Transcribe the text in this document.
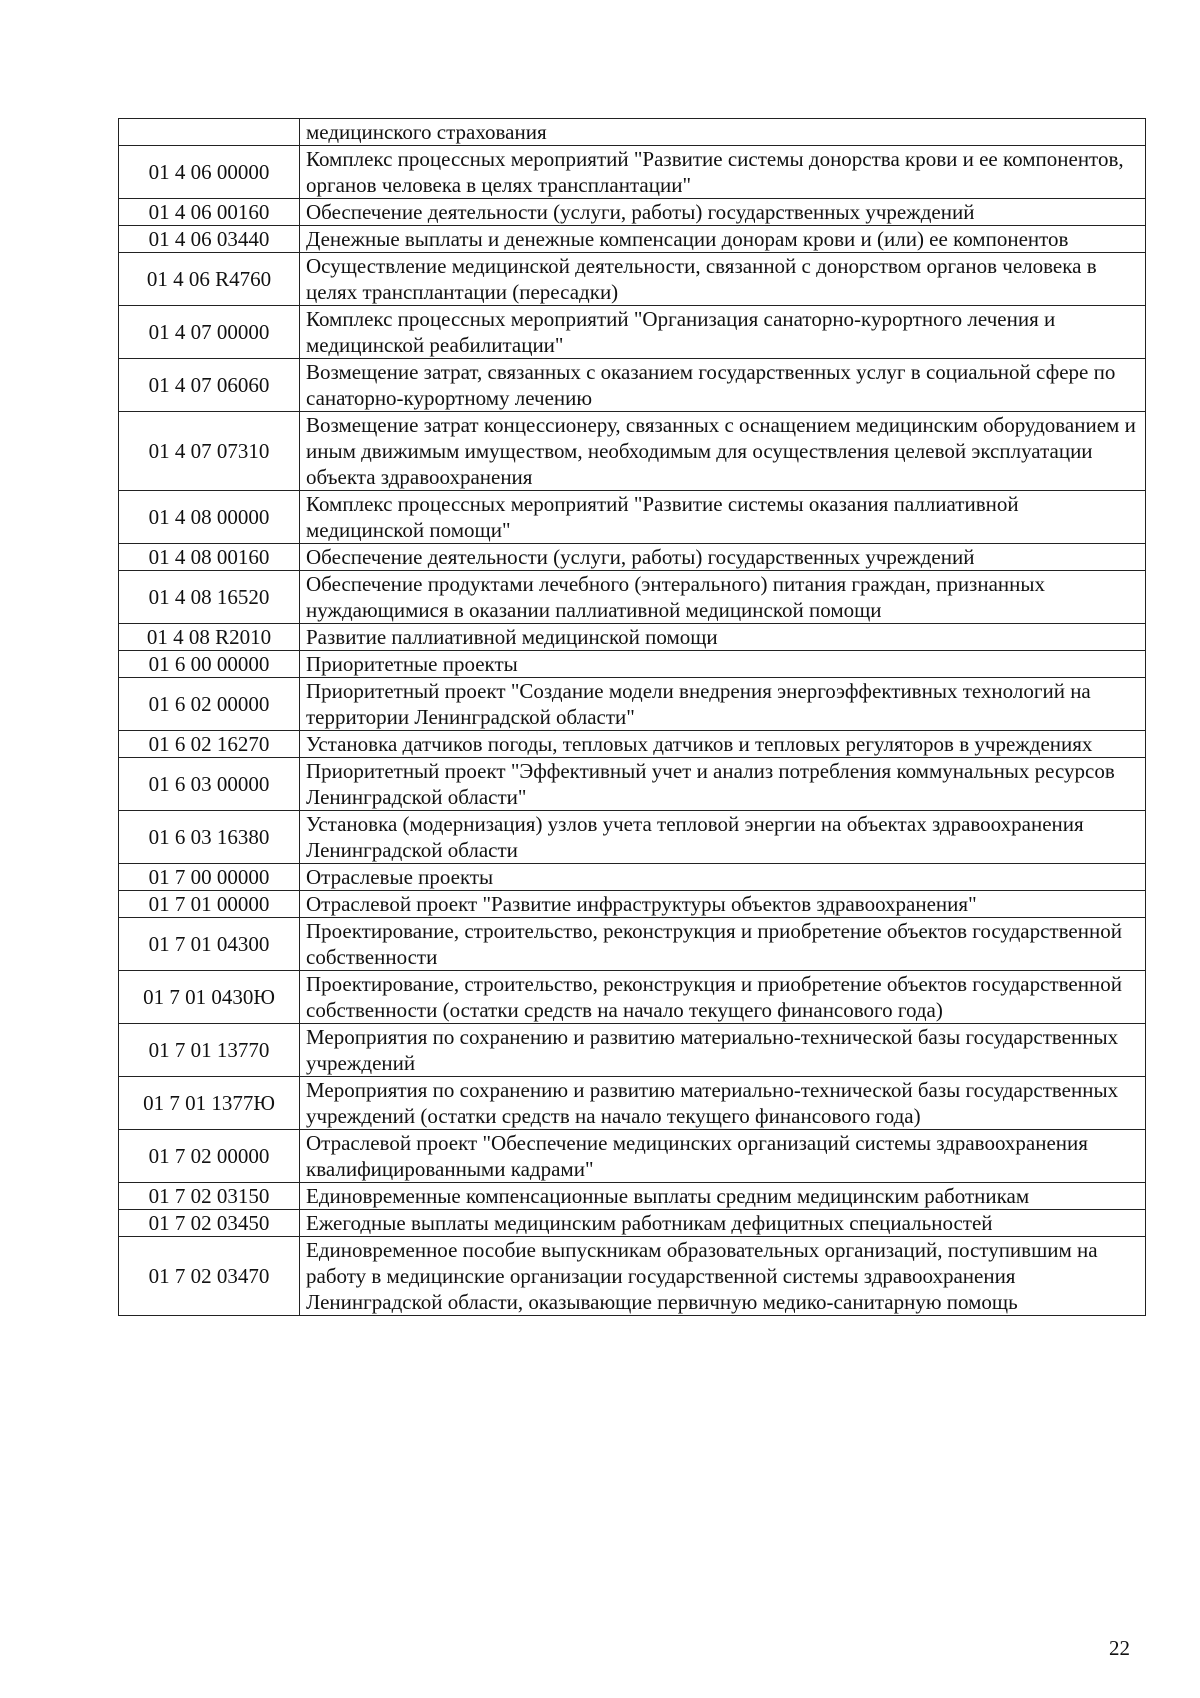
	медицинского страхования
01 4 06 00000	Комплекс процессных мероприятий "Развитие системы донорства крови и ее компонентов, органов человека в целях трансплантации"
01 4 06 00160	Обеспечение деятельности (услуги, работы) государственных учреждений
01 4 06 03440	Денежные выплаты и денежные компенсации донорам крови и (или) ее компонентов
01 4 06 R4760	Осуществление медицинской деятельности, связанной с донорством органов человека в целях трансплантации (пересадки)
01 4 07 00000	Комплекс процессных мероприятий "Организация санаторно-курортного лечения и медицинской реабилитации"
01 4 07 06060	Возмещение затрат, связанных с оказанием государственных услуг в социальной сфере по санаторно-курортному лечению
01 4 07 07310	Возмещение затрат концессионеру, связанных с оснащением медицинским оборудованием и иным движимым имуществом, необходимым для осуществления целевой эксплуатации объекта здравоохранения
01 4 08 00000	Комплекс процессных мероприятий "Развитие системы оказания паллиативной медицинской помощи"
01 4 08 00160	Обеспечение деятельности (услуги, работы) государственных учреждений
01 4 08 16520	Обеспечение продуктами лечебного (энтерального) питания граждан, признанных нуждающимися в оказании паллиативной медицинской помощи
01 4 08 R2010	Развитие паллиативной медицинской помощи
01 6 00 00000	Приоритетные проекты
01 6 02 00000	Приоритетный проект "Создание модели внедрения энергоэффективных технологий на территории Ленинградской области"
01 6 02 16270	Установка датчиков погоды, тепловых датчиков и тепловых регуляторов в учреждениях
01 6 03 00000	Приоритетный проект "Эффективный учет и анализ потребления коммунальных ресурсов Ленинградской области"
01 6 03 16380	Установка (модернизация) узлов учета тепловой энергии на объектах здравоохранения Ленинградской области
01 7 00 00000	Отраслевые проекты
01 7 01 00000	Отраслевой проект "Развитие инфраструктуры объектов здравоохранения"
01 7 01 04300	Проектирование, строительство, реконструкция и приобретение объектов государственной собственности
01 7 01 0430Ю	Проектирование, строительство, реконструкция и приобретение объектов государственной собственности (остатки средств на начало текущего финансового года)
01 7 01 13770	Мероприятия по сохранению и развитию материально-технической базы государственных учреждений
01 7 01 1377Ю	Мероприятия по сохранению и развитию материально-технической базы государственных учреждений (остатки средств на начало текущего финансового года)
01 7 02 00000	Отраслевой проект "Обеспечение медицинских организаций системы здравоохранения квалифицированными кадрами"
01 7 02 03150	Единовременные компенсационные выплаты средним медицинским работникам
01 7 02 03450	Ежегодные выплаты медицинским работникам дефицитных специальностей
01 7 02 03470	Единовременное пособие выпускникам образовательных организаций, поступившим на работу в медицинские организации государственной системы здравоохранения Ленинградской области, оказывающие первичную медико-санитарную помощь
22
